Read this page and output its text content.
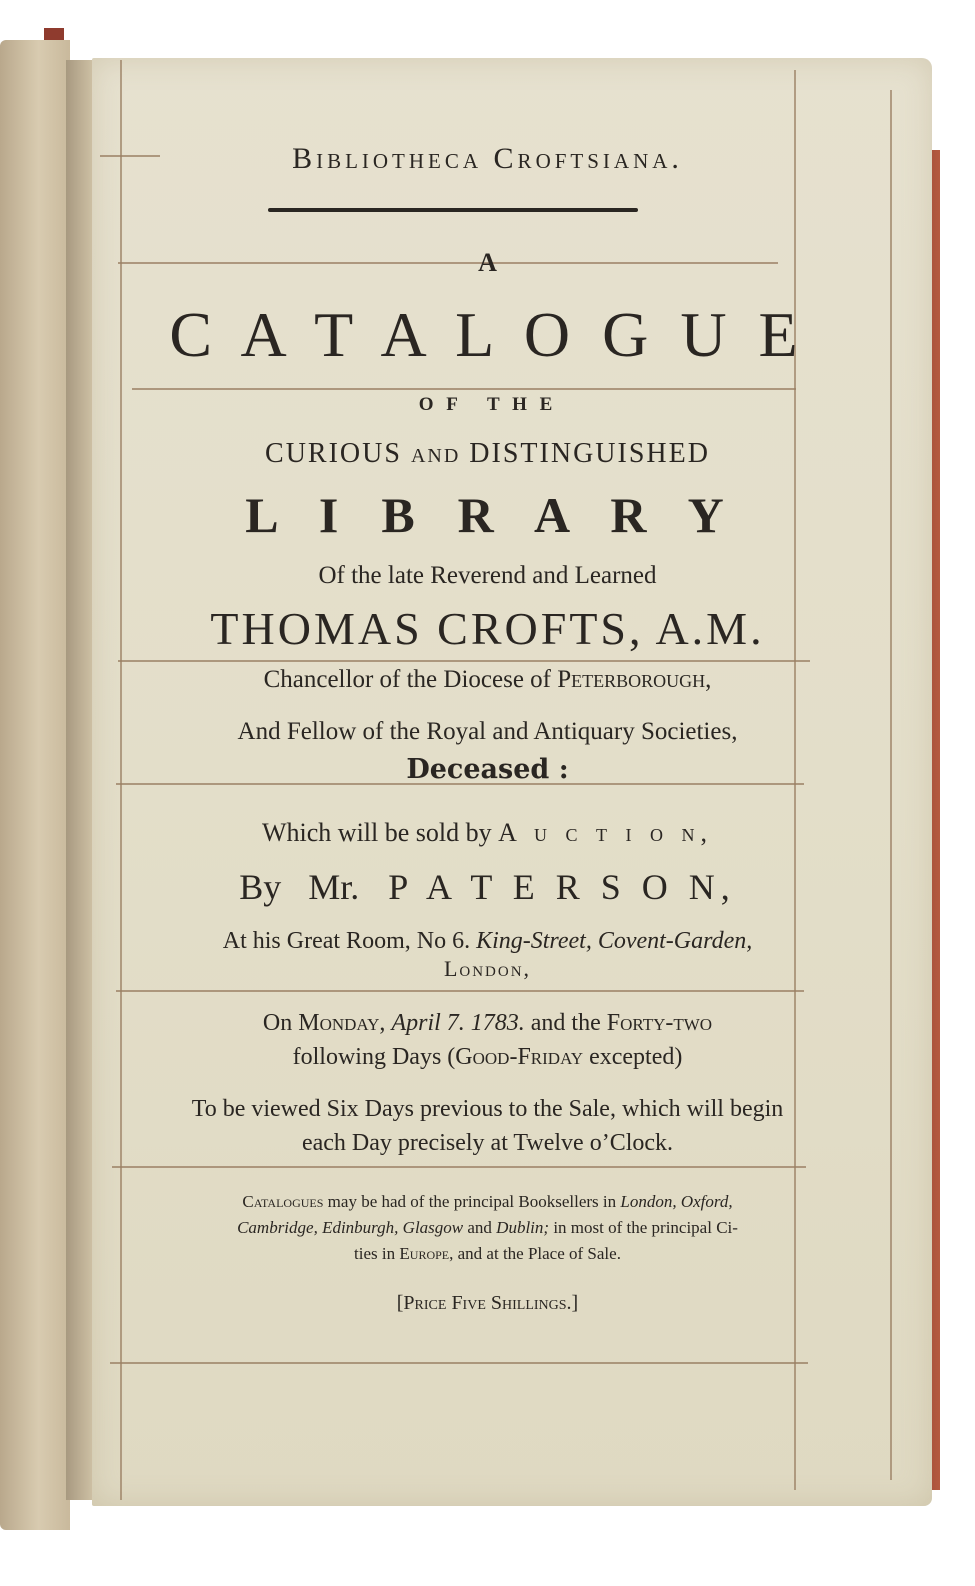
Bibliotheca Croftsiana.
A
C A T A L O G U E
O F   T H E
CURIOUS AND DISTINGUISHED
L  I  B  R  A  R  Y
Of the late Reverend and Learned
THOMAS CROFTS, A.M.
Chancellor of the Diocese of Peterborough,
And Fellow of the Royal and Antiquary Societies,
Deceased :
Which will be sold by A u c t i o n,
By Mr. P A T E R S O N,
At his Great Room, No 6. King-Street, Covent-Garden,
London,
On Monday, April 7. 1783. and the Forty-two
following Days (Good-Friday excepted)
To be viewed Six Days previous to the Sale, which will begin
each Day precisely at Twelve o’Clock.
Catalogues may be had of the principal Booksellers in London, Oxford,
Cambridge, Edinburgh, Glasgow and Dublin; in most of the principal Ci-
ties in Europe, and at the Place of Sale.
[Price Five Shillings.]
